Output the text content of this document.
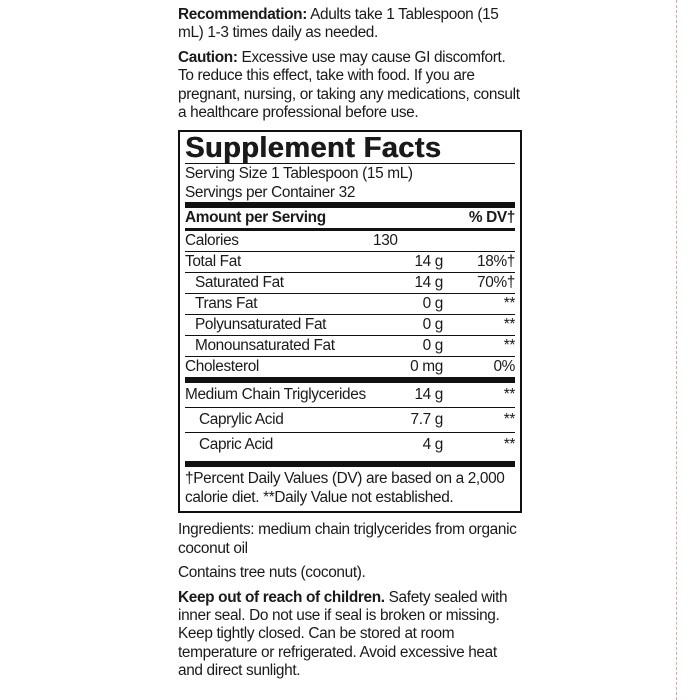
Recommendation: Adults take 1 Tablespoon (15 mL) 1-3 times daily as needed.
Caution: Excessive use may cause GI discomfort. To reduce this effect, take with food. If you are pregnant, nursing, or taking any medications, consult a healthcare professional before use.
Supplement Facts
Serving Size 1 Tablespoon (15 mL)
Servings per Container 32
Amount per Serving	% DV†
Calories	130
Total Fat	14 g	18%†
Saturated Fat	14 g	70%†
Trans Fat	0 g	**
Polyunsaturated Fat	0 g	**
Monounsaturated Fat	0 g	**
Cholesterol	0 mg	0%
Medium Chain Triglycerides	14 g	**
Caprylic Acid	7.7 g	**
Capric Acid	4 g	**
†Percent Daily Values (DV) are based on a 2,000 calorie diet. **Daily Value not established.
Ingredients: medium chain triglycerides from organic coconut oil
Contains tree nuts (coconut).
Keep out of reach of children. Safety sealed with inner seal. Do not use if seal is broken or missing. Keep tightly closed. Can be stored at room temperature or refrigerated. Avoid excessive heat and direct sunlight.
